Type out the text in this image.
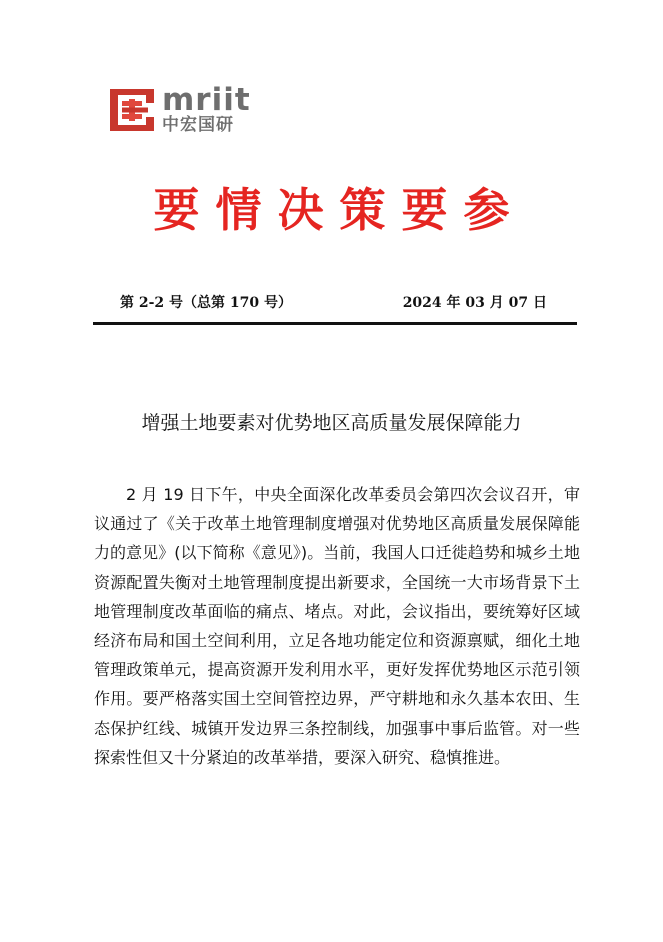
mriit
中宏国研
要情决策要参
第 2-2 号（总第 170 号）	2024 年 03 月 07 日
增强土地要素对优势地区高质量发展保障能力

2 月 19 日下午，中央全面深化改革委员会第四次会议召开，审议通过了《关于改革土地管理制度增强对优势地区高质量发展保障能力的意见》(以下简称《意见》)。当前，我国人口迁徙趋势和城乡土地资源配置失衡对土地管理制度提出新要求，全国统一大市场背景下土地管理制度改革面临的痛点、堵点。对此，会议指出，要统筹好区域经济布局和国土空间利用，立足各地功能定位和资源禀赋，细化土地管理政策单元，提高资源开发利用水平，更好发挥优势地区示范引领作用。要严格落实国土空间管控边界，严守耕地和永久基本农田、生态保护红线、城镇开发边界三条控制线，加强事中事后监管。对一些探索性但又十分紧迫的改革举措，要深入研究、稳慎推进。
